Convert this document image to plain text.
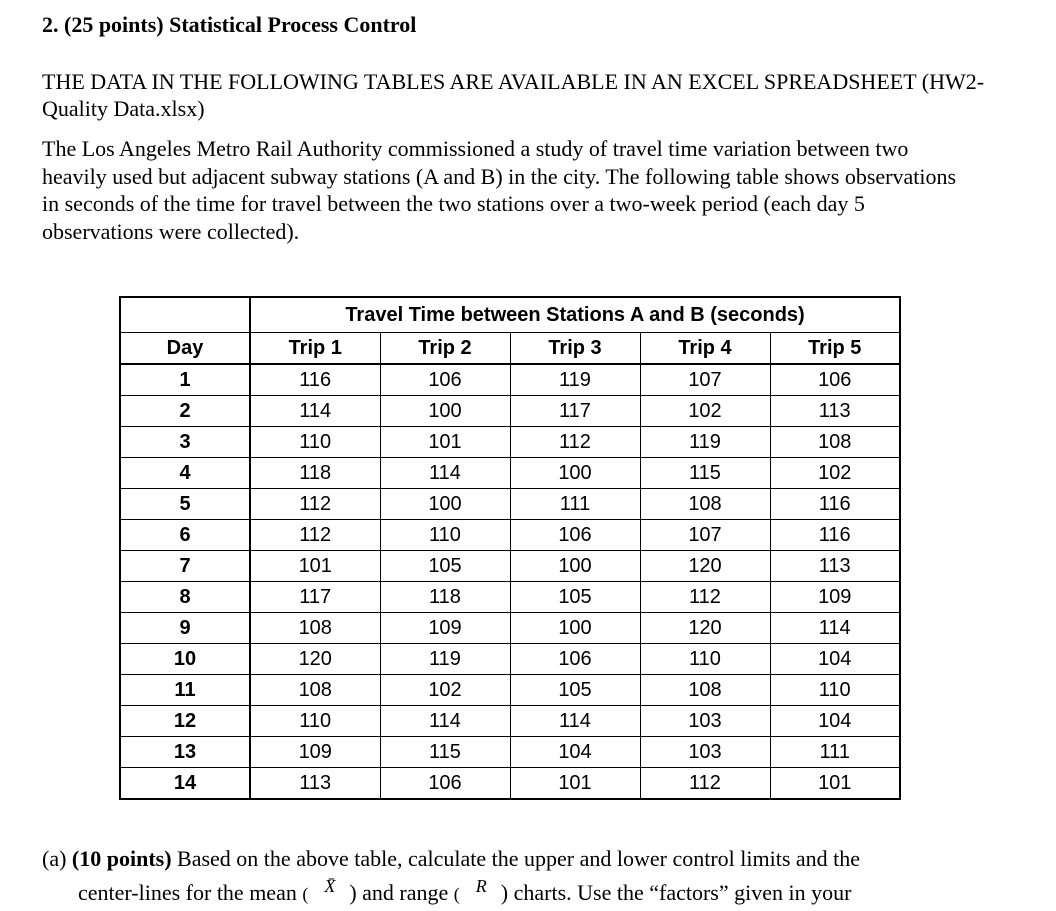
2. (25 points) Statistical Process Control
THE DATA IN THE FOLLOWING TABLES ARE AVAILABLE IN AN EXCEL SPREADSHEET (HW2-Quality Data.xlsx)
The Los Angeles Metro Rail Authority commissioned a study of travel time variation between two heavily used but adjacent subway stations (A and B) in the city. The following table shows observations in seconds of the time for travel between the two stations over a two-week period (each day 5 observations were collected).
	Travel Time between Stations A and B (seconds)				
Day	Trip 1	Trip 2	Trip 3	Trip 4	Trip 5
1	116	106	119	107	106
2	114	100	117	102	113
3	110	101	112	119	108
4	118	114	100	115	102
5	112	100	111	108	116
6	112	110	106	107	116
7	101	105	100	120	113
8	117	118	105	112	109
9	108	109	100	120	114
10	120	119	106	110	104
11	108	102	105	108	110
12	110	114	114	103	104
13	109	115	104	103	111
14	113	106	101	112	101
(a) (10 points) Based on the above table, calculate the upper and lower control limits and the
center-lines for the mean ( X̄ ) and range ( R ) charts. Use the “factors” given in your
